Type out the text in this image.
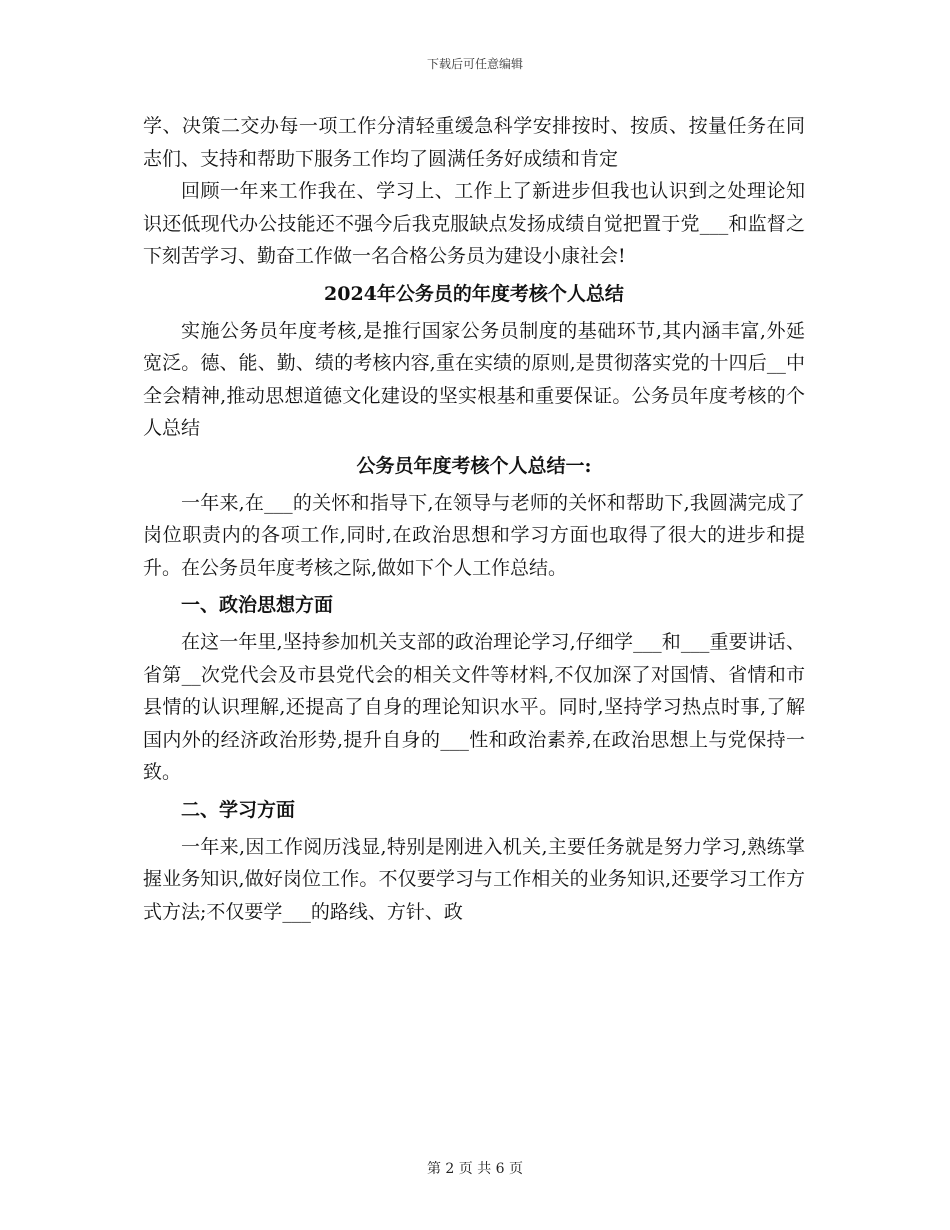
下载后可任意编辑

学、决策二交办每一项工作分清轻重缓急科学安排按时、按质、按量任务在同志们、支持和帮助下服务工作均了圆满任务好成绩和肯定

回顾一年来工作我在、学习上、工作上了新进步但我也认识到之处理论知识还低现代办公技能还不强今后我克服缺点发扬成绩自觉把置于党___和监督之下刻苦学习、勤奋工作做一名合格公务员为建设小康社会!

2024年公务员的年度考核个人总结

实施公务员年度考核,是推行国家公务员制度的基础环节,其内涵丰富,外延宽泛。德、能、勤、绩的考核内容,重在实绩的原则,是贯彻落实党的十四后__中全会精神,推动思想道德文化建设的坚实根基和重要保证。公务员年度考核的个人总结

公务员年度考核个人总结一:

一年来,在___的关怀和指导下,在领导与老师的关怀和帮助下,我圆满完成了岗位职责内的各项工作,同时,在政治思想和学习方面也取得了很大的进步和提升。在公务员年度考核之际,做如下个人工作总结。

一、政治思想方面

在这一年里,坚持参加机关支部的政治理论学习,仔细学___和___重要讲话、省第__次党代会及市县党代会的相关文件等材料,不仅加深了对国情、省情和市县情的认识理解,还提高了自身的理论知识水平。同时,坚持学习热点时事,了解国内外的经济政治形势,提升自身的___性和政治素养,在政治思想上与党保持一致。

二、学习方面

一年来,因工作阅历浅显,特别是刚进入机关,主要任务就是努力学习,熟练掌握业务知识,做好岗位工作。不仅要学习与工作相关的业务知识,还要学习工作方式方法;不仅要学___的路线、方针、政

第 2 页 共 6 页
